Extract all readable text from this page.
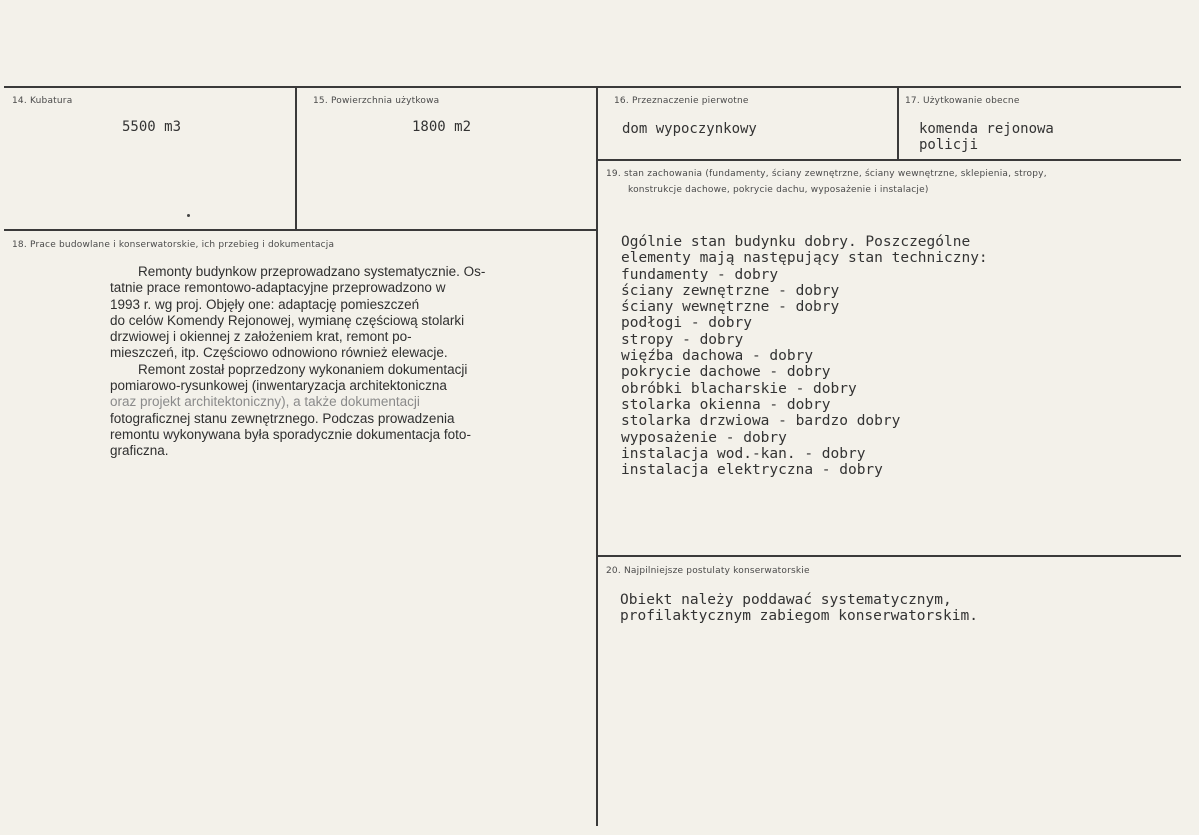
14. Kubatura
5500 m3
15. Powierzchnia użytkowa
1800 m2
16. Przeznaczenie pierwotne
dom wypoczynkowy
17. Użytkowanie obecne
komenda rejonowa
policji
18. Prace budowlane i konserwatorskie, ich przebieg i dokumentacja
Remonty budynkow przeprowadzano systematycznie. Os-
tatnie prace remontowo-adaptacyjne przeprowadzono w
1993 r. wg proj. Objęły one: adaptację pomieszczeń
do celów Komendy Rejonowej, wymianę częściową stolarki
drzwiowej i okiennej z założeniem krat, remont po-
mieszczeń, itp. Częściowo odnowiono również elewacje.
Remont został poprzedzony wykonaniem dokumentacji
pomiarowo-rysunkowej (inwentaryzacja architektoniczna
oraz projekt architektoniczny), a także dokumentacji
fotograficznej stanu zewnętrznego. Podczas prowadzenia
remontu wykonywana była sporadycznie dokumentacja foto-
graficzna.
19. stan zachowania (fundamenty, ściany zewnętrzne, ściany wewnętrzne, sklepienia, stropy,
konstrukcje dachowe, pokrycie dachu, wyposażenie i instalacje)
Ogólnie stan budynku dobry. Poszczególne
elementy mają następujący stan techniczny:
fundamenty - dobry
ściany zewnętrzne - dobry
ściany wewnętrzne - dobry
podłogi - dobry
stropy - dobry
więźba dachowa - dobry
pokrycie dachowe - dobry
obróbki blacharskie - dobry
stolarka okienna - dobry
stolarka drzwiowa - bardzo dobry
wyposażenie - dobry
instalacja wod.-kan. - dobry
instalacja elektryczna - dobry
20. Najpilniejsze postulaty konserwatorskie
Obiekt należy poddawać systematycznym,
profilaktycznym zabiegom konserwatorskim.
